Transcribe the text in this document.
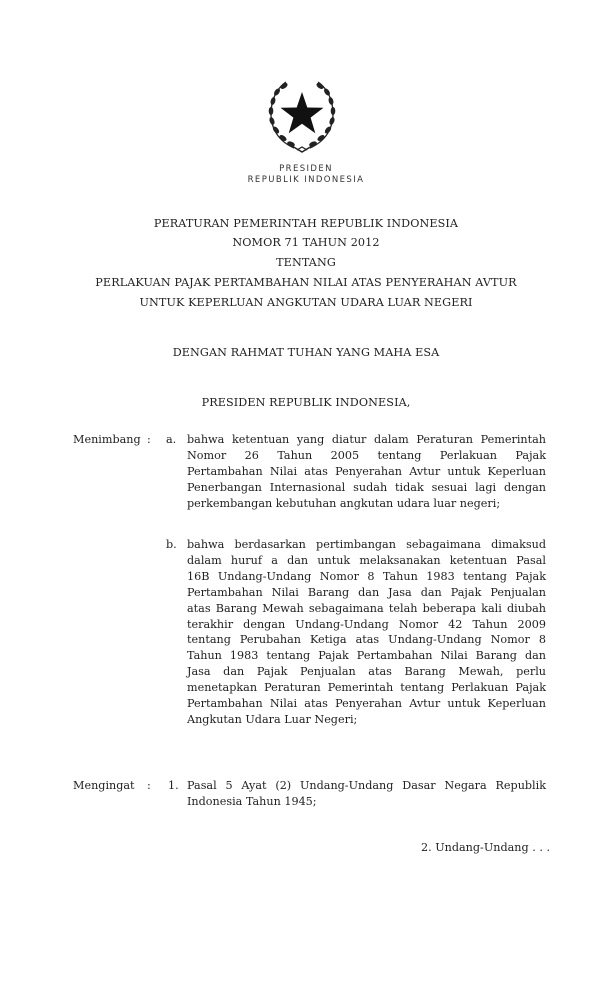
PRESIDEN
REPUBLIK INDONESIA
PERATURAN PEMERINTAH REPUBLIK INDONESIA
NOMOR 71 TAHUN 2012
TENTANG
PERLAKUAN PAJAK PERTAMBAHAN NILAI ATAS PENYERAHAN AVTUR
UNTUK KEPERLUAN ANGKUTAN UDARA LUAR NEGERI
DENGAN RAHMAT TUHAN YANG MAHA ESA
PRESIDEN REPUBLIK INDONESIA,
Menimbang : a. bahwa ketentuan yang diatur dalam Peraturan Pemerintah
Nomor 26 Tahun 2005 tentang Perlakuan Pajak
Pertambahan Nilai atas Penyerahan Avtur untuk Keperluan
Penerbangan Internasional sudah tidak sesuai lagi dengan
perkembangan kebutuhan angkutan udara luar negeri;
b. bahwa berdasarkan pertimbangan sebagaimana dimaksud
dalam huruf a dan untuk melaksanakan ketentuan Pasal
16B Undang-Undang Nomor 8 Tahun 1983 tentang Pajak
Pertambahan Nilai Barang dan Jasa dan Pajak Penjualan
atas Barang Mewah sebagaimana telah beberapa kali diubah
terakhir dengan Undang-Undang Nomor 42 Tahun 2009
tentang Perubahan Ketiga atas Undang-Undang Nomor 8
Tahun 1983 tentang Pajak Pertambahan Nilai Barang dan
Jasa dan Pajak Penjualan atas Barang Mewah, perlu
menetapkan Peraturan Pemerintah tentang Perlakuan Pajak
Pertambahan Nilai atas Penyerahan Avtur untuk Keperluan
Angkutan Udara Luar Negeri;
Mengingat : 1. Pasal 5 Ayat (2) Undang-Undang Dasar Negara Republik
Indonesia Tahun 1945;
2. Undang-Undang . . .
